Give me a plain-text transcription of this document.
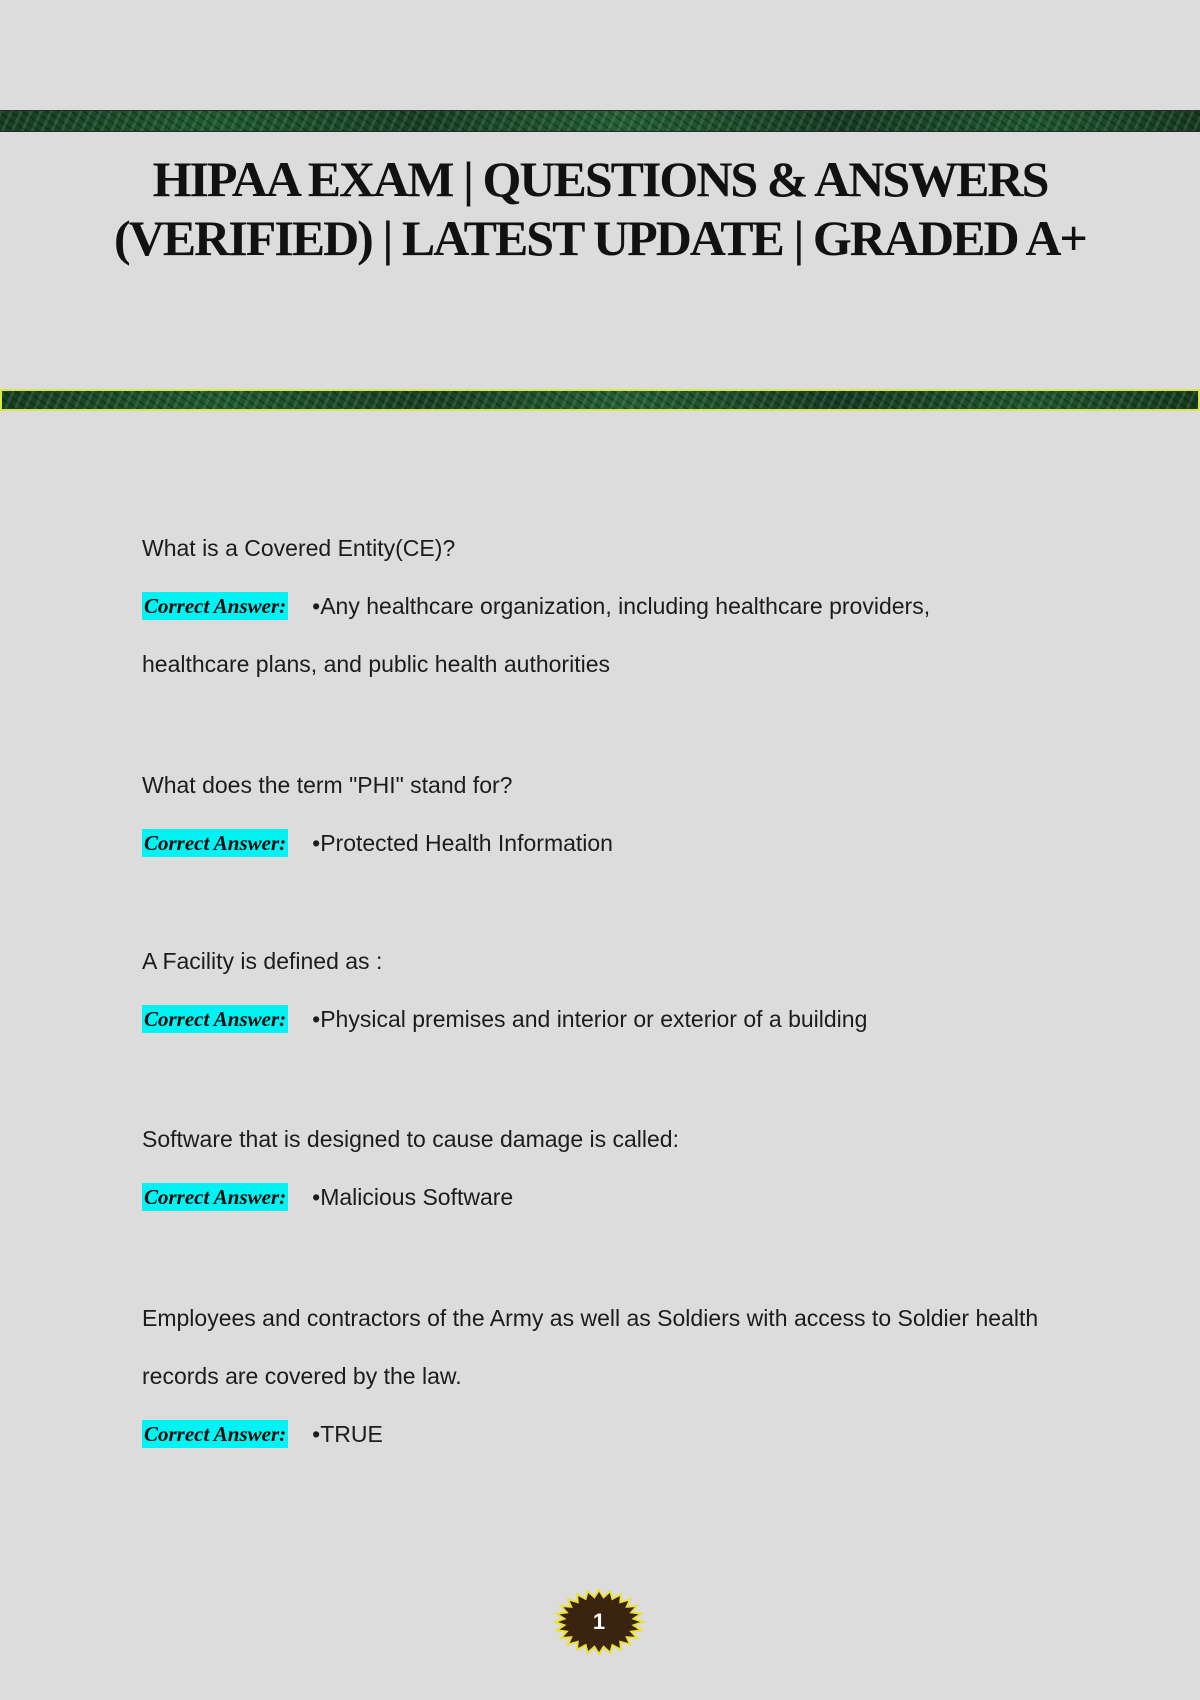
HIPAA EXAM | QUESTIONS & ANSWERS (VERIFIED) | LATEST UPDATE | GRADED A+

What is a Covered Entity(CE)?

Correct Answer: •Any healthcare organization, including healthcare providers, healthcare plans, and public health authorities

What does the term "PHI" stand for?

Correct Answer: •Protected Health Information

A Facility is defined as :

Correct Answer: •Physical premises and interior or exterior of a building

Software that is designed to cause damage is called:

Correct Answer: •Malicious Software

Employees and contractors of the Army as well as Soldiers with access to Soldier health records are covered by the law.

Correct Answer: •TRUE

1
